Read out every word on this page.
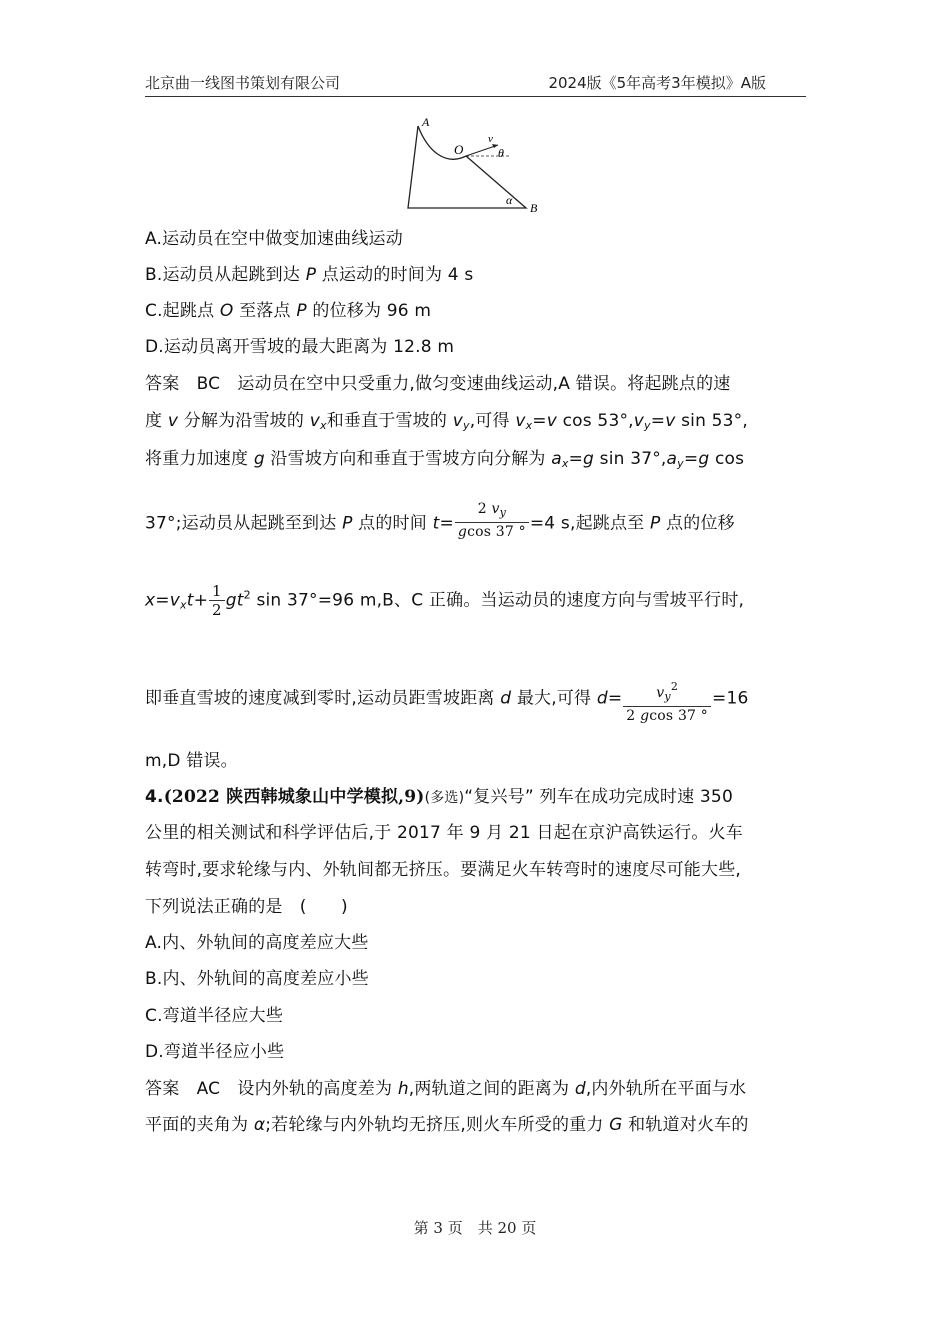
北京曲一线图书策划有限公司	2024版《5年高考3年模拟》A版
A
O
v
θ
α
B
A.运动员在空中做变加速曲线运动
B.运动员从起跳到达 P 点运动的时间为 4 s
C.起跳点 O 至落点 P 的位移为 96 m
D.运动员离开雪坡的最大距离为 12.8 m
答案　BC　运动员在空中只受重力,做匀变速曲线运动,A 错误。将起跳点的速
度 v 分解为沿雪坡的 $v_x$和垂直于雪坡的 $v_y$,可得 $v_x=v$ $\cos 53^\circ,v_y=v$ sin 53°,
将重力加速度 g 沿雪坡方向和垂直于雪坡方向分解为 $a_x=g$ $\sin 37^\circ,a_y=g$ cos
37°;运动员从起跳至到达 P 点的时间 $t= \frac{2 v_y}{gcos 37 ^\circ} =4$ s,起跳点至 P 点的位移
$x=v_xt+ \frac{1}{2} gt^2$ sin 37°=96 m,B、C 正确。当运动员的速度方向与雪坡平行时,
即垂直雪坡的速度减到零时,运动员距雪坡距离 d 最大,可得 $d= \frac{v_y^2}{2 gcos 37 ^\circ} =16$
m,D 错误。
4.(2022 陕西韩城象山中学模拟,9)(多选)“复兴号” 列车在成功完成时速 350
公里的相关测试和科学评估后,于 2017 年 9 月 21 日起在京沪高铁运行。火车
转弯时,要求轮缘与内、外轨间都无挤压。要满足火车转弯时的速度尽可能大些,
下列说法正确的是　(　　)
A.内、外轨间的高度差应大些
B.内、外轨间的高度差应小些
C.弯道半径应大些
D.弯道半径应小些
答案　AC　设内外轨的高度差为 h,两轨道之间的距离为 d,内外轨所在平面与水
平面的夹角为 α;若轮缘与内外轨均无挤压,则火车所受的重力 G 和轨道对火车的
第 3 页　共 20 页
